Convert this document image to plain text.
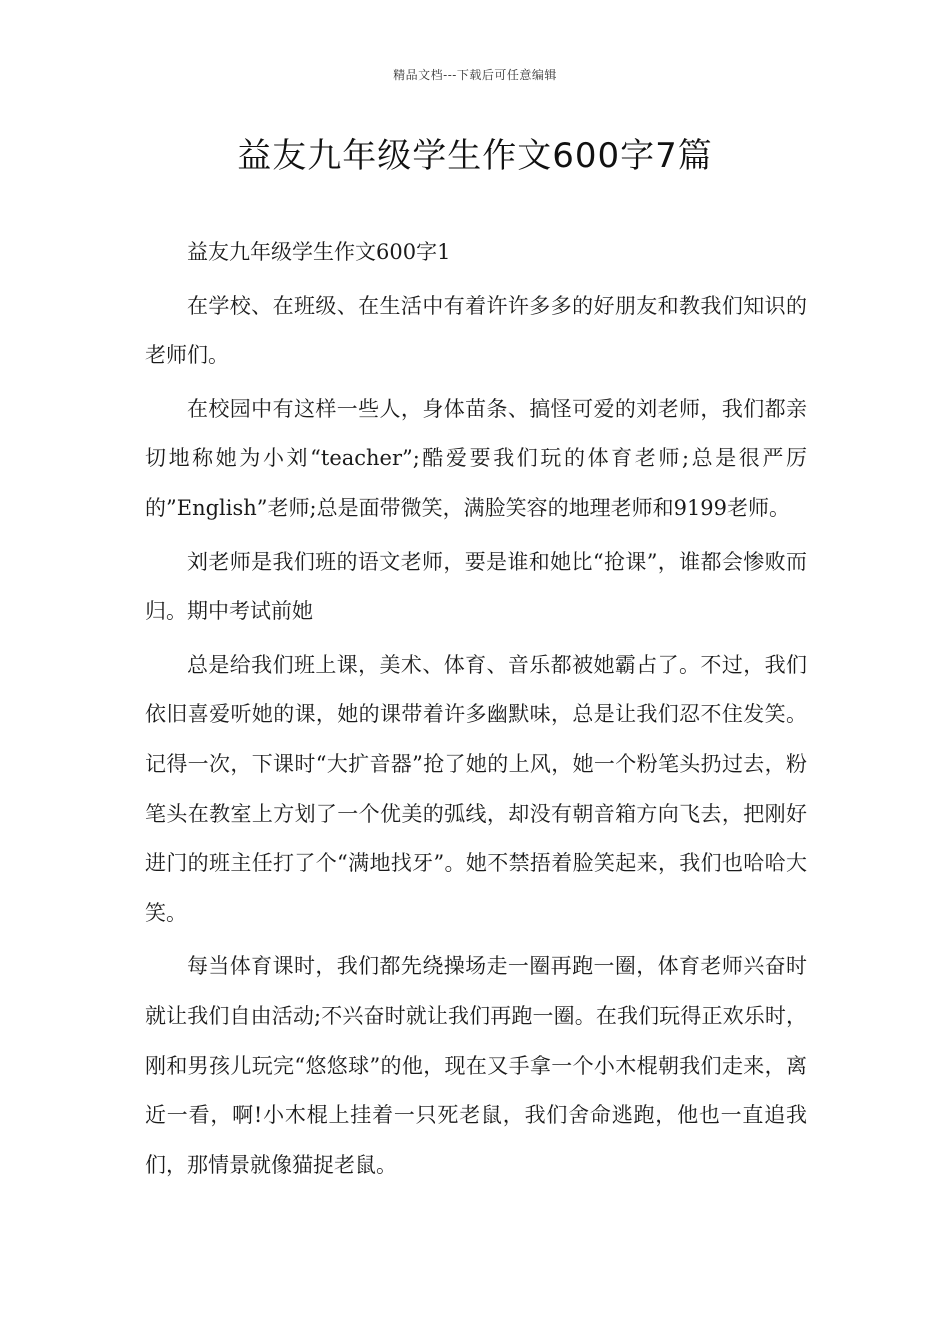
精品文档---下载后可任意编辑
益友九年级学生作文600字7篇

益友九年级学生作文600字1

在学校、在班级、在生活中有着许许多多的好朋友和教我们知识的老师们。

在校园中有这样一些人，身体苗条、搞怪可爱的刘老师，我们都亲切地称她为小刘“teacher”;酷爱要我们玩的体育老师;总是很严厉的”English”老师;总是面带微笑，满脸笑容的地理老师和9199老师。

刘老师是我们班的语文老师，要是谁和她比“抢课”，谁都会惨败而归。期中考试前她

总是给我们班上课，美术、体育、音乐都被她霸占了。不过，我们依旧喜爱听她的课，她的课带着许多幽默味，总是让我们忍不住发笑。记得一次，下课时“大扩音器”抢了她的上风，她一个粉笔头扔过去，粉笔头在教室上方划了一个优美的弧线，却没有朝音箱方向飞去，把刚好进门的班主任打了个“满地找牙”。她不禁捂着脸笑起来，我们也哈哈大笑。

每当体育课时，我们都先绕操场走一圈再跑一圈，体育老师兴奋时就让我们自由活动;不兴奋时就让我们再跑一圈。在我们玩得正欢乐时，刚和男孩儿玩完“悠悠球”的他，现在又手拿一个小木棍朝我们走来，离近一看，啊!小木棍上挂着一只死老鼠，我们舍命逃跑，他也一直追我们，那情景就像猫捉老鼠。
